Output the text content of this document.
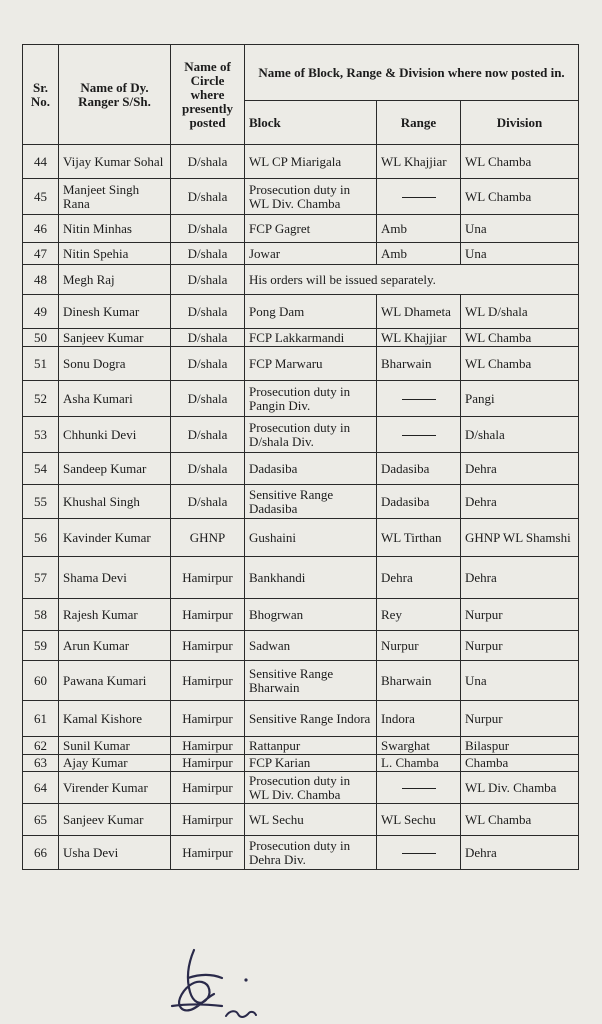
Sr. No.	Name of Dy. Ranger S/Sh.	Name of Circle where presently posted	Name of Block, Range & Division where now posted in.		
			Block	Range	Division
44	Vijay Kumar Sohal	D/shala	WL CP Miarigala	WL Khajjiar	WL Chamba
45	Manjeet Singh Rana	D/shala	Prosecution duty in WL Div. Chamba		WL Chamba
46	Nitin Minhas	D/shala	FCP Gagret	Amb	Una
47	Nitin Spehia	D/shala	Jowar	Amb	Una
48	Megh Raj	D/shala	His orders will be issued separately.		
49	Dinesh Kumar	D/shala	Pong Dam	WL Dhameta	WL D/shala
50	Sanjeev Kumar	D/shala	FCP Lakkarmandi	WL Khajjiar	WL Chamba
51	Sonu Dogra	D/shala	FCP Marwaru	Bharwain	WL Chamba
52	Asha Kumari	D/shala	Prosecution duty in Pangin Div.		Pangi
53	Chhunki Devi	D/shala	Prosecution duty in D/shala Div.		D/shala
54	Sandeep Kumar	D/shala	Dadasiba	Dadasiba	Dehra
55	Khushal Singh	D/shala	Sensitive Range Dadasiba	Dadasiba	Dehra
56	Kavinder Kumar	GHNP	Gushaini	WL Tirthan	GHNP WL Shamshi
57	Shama Devi	Hamirpur	Bankhandi	Dehra	Dehra
58	Rajesh Kumar	Hamirpur	Bhogrwan	Rey	Nurpur
59	Arun Kumar	Hamirpur	Sadwan	Nurpur	Nurpur
60	Pawana Kumari	Hamirpur	Sensitive Range Bharwain	Bharwain	Una
61	Kamal Kishore	Hamirpur	Sensitive Range Indora	Indora	Nurpur
62	Sunil Kumar	Hamirpur	Rattanpur	Swarghat	Bilaspur
63	Ajay Kumar	Hamirpur	FCP Karian	L. Chamba	Chamba
64	Virender Kumar	Hamirpur	Prosecution duty in WL Div. Chamba		WL Div. Chamba
65	Sanjeev Kumar	Hamirpur	WL Sechu	WL Sechu	WL Chamba
66	Usha Devi	Hamirpur	Prosecution duty in Dehra Div.		Dehra
